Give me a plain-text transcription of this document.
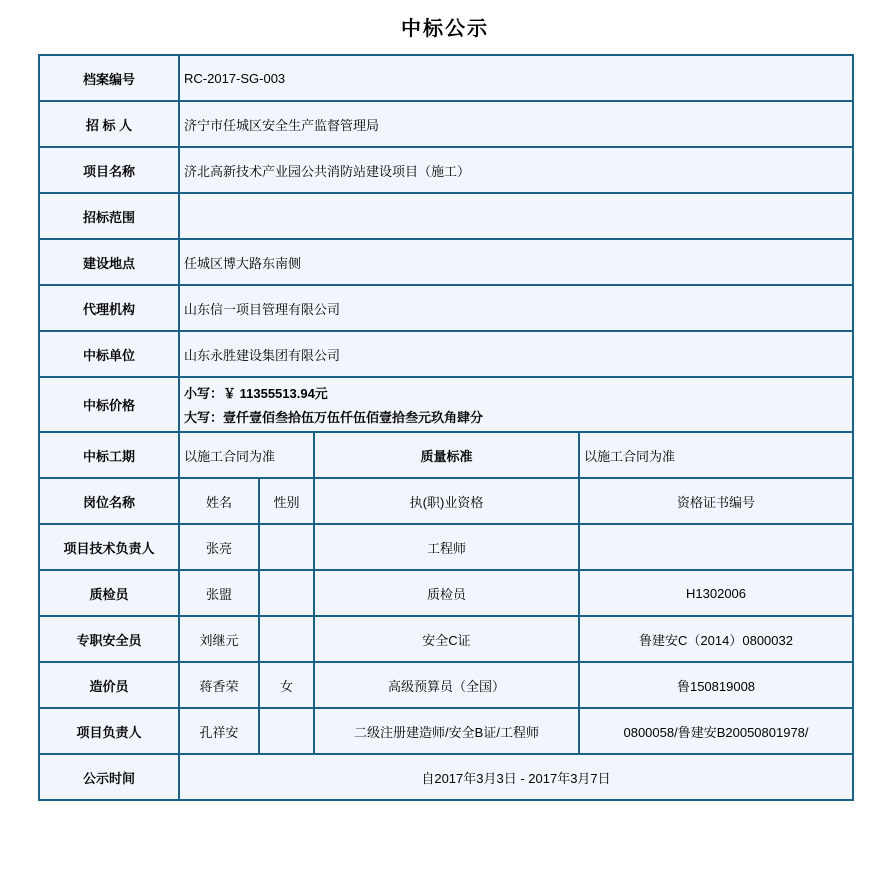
中标公示
档案编号	RC-2017-SG-003			
招 标 人	济宁市任城区安全生产监督管理局			
项目名称	济北高新技术产业园公共消防站建设项目（施工）			
招标范围				
建设地点	任城区博大路东南侧			
代理机构	山东信一项目管理有限公司			
中标单位	山东永胜建设集团有限公司			
中标价格	小写：￥ 11355513.94元
大写：壹仟壹佰叁拾伍万伍仟伍佰壹拾叁元玖角肆分			

中标工期	以施工合同为准		质量标准	以施工合同为准
岗位名称	姓名	性别	执(职)业资格	资格证书编号
项目技术负责人	张亮		工程师	
质检员	张盟		质检员	H1302006
专职安全员	刘继元		安全C证	鲁建安C（2014）0800032
造价员	蒋香荣	女	高级预算员（全国）	鲁150819008
项目负责人	孔祥安		二级注册建造师/安全B证/工程师	0800058/鲁建安B20050801978/
公示时间	自2017年3月3日 - 2017年3月7日			
